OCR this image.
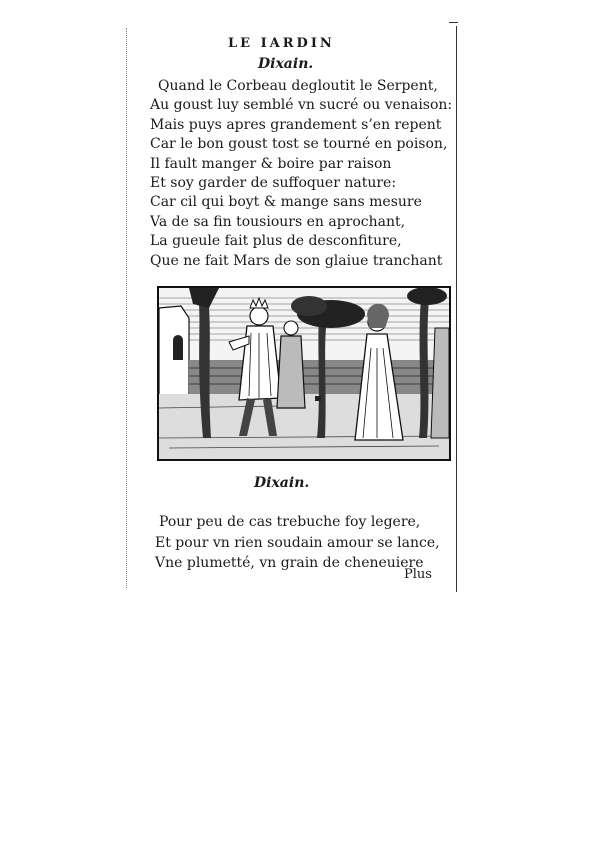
LE IARDIN
Dixain.
Quand le Corbeau degloutit le Serpent,
Au goust luy semblé vn sucré ou venaison:
Mais puys apres grandement s’en repent
Car le bon goust tost se tourné en poison,
Il fault manger & boire par raison
Et soy garder de suffoquer nature:
Car cil qui boyt & mange sans mesure
Va de sa fin tousiours en aprochant,
La gueule fait plus de desconfiture,
Que ne fait Mars de son glaiue tranchant
Dixain.
Pour peu de cas trebuche foy legere,
Et pour vn rien soudain amour se lance,
Vne plumetté, vn grain de cheneuiere
Plus
